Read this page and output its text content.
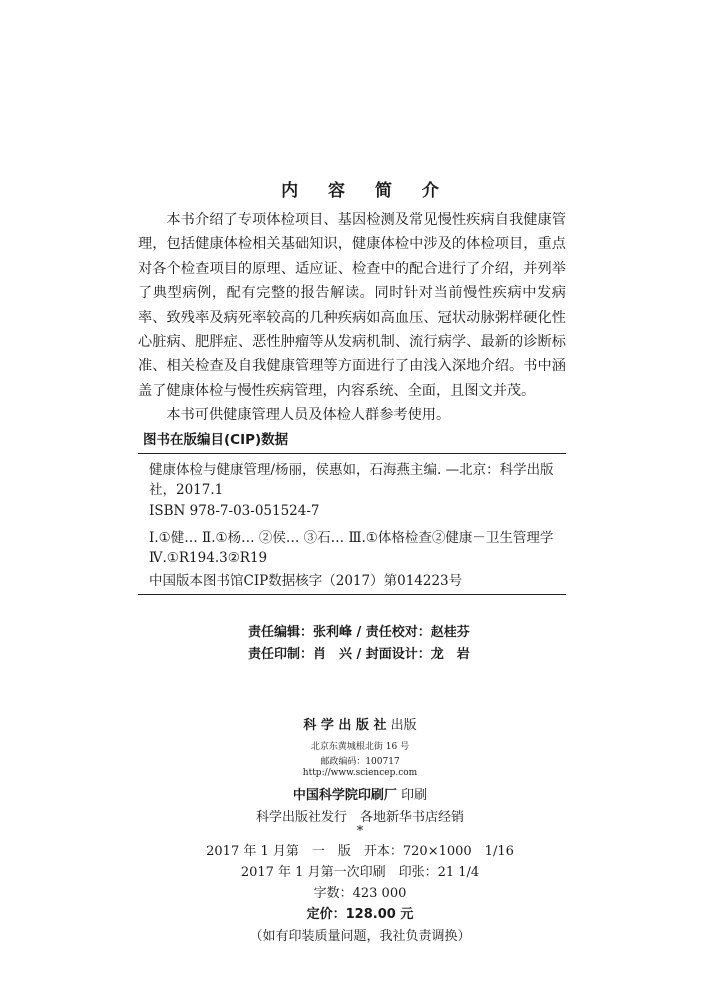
内 容 简 介

本书介绍了专项体检项目、基因检测及常见慢性疾病自我健康管理，包括健康体检相关基础知识，健康体检中涉及的体检项目，重点对各个检查项目的原理、适应证、检查中的配合进行了介绍，并列举了典型病例，配有完整的报告解读。同时针对当前慢性疾病中发病率、致残率及病死率较高的几种疾病如高血压、冠状动脉粥样硬化性心脏病、肥胖症、恶性肿瘤等从发病机制、流行病学、最新的诊断标准、相关检查及自我健康管理等方面进行了由浅入深地介绍。书中涵盖了健康体检与慢性疾病管理，内容系统、全面，且图文并茂。

本书可供健康管理人员及体检人群参考使用。

图书在版编目(CIP)数据
健康体检与健康管理/杨丽，侯惠如，石海燕主编. —北京：科学出版社，2017.1
ISBN 978-7-03-051524-7
Ⅰ.①健… Ⅱ.①杨… ②侯… ③石… Ⅲ.①体格检查②健康－卫生管理学 Ⅳ.①R194.3②R19
中国版本图书馆CIP数据核字（2017）第014223号
责任编辑：张利峰 / 责任校对：赵桂芬
责任印制：肖　兴 / 封面设计：龙　岩
科 学 出 版 社 出版
北京东黄城根北街 16 号
邮政编码：100717
http://www.sciencep.com
中国科学院印刷厂 印刷
科学出版社发行　各地新华书店经销
*
2017 年 1 月第　一　版　开本：720×1000　1/16
2017 年 1 月第一次印刷　印张：21 1/4
字数：423 000
定价：128.00 元
（如有印装质量问题，我社负责调换）
